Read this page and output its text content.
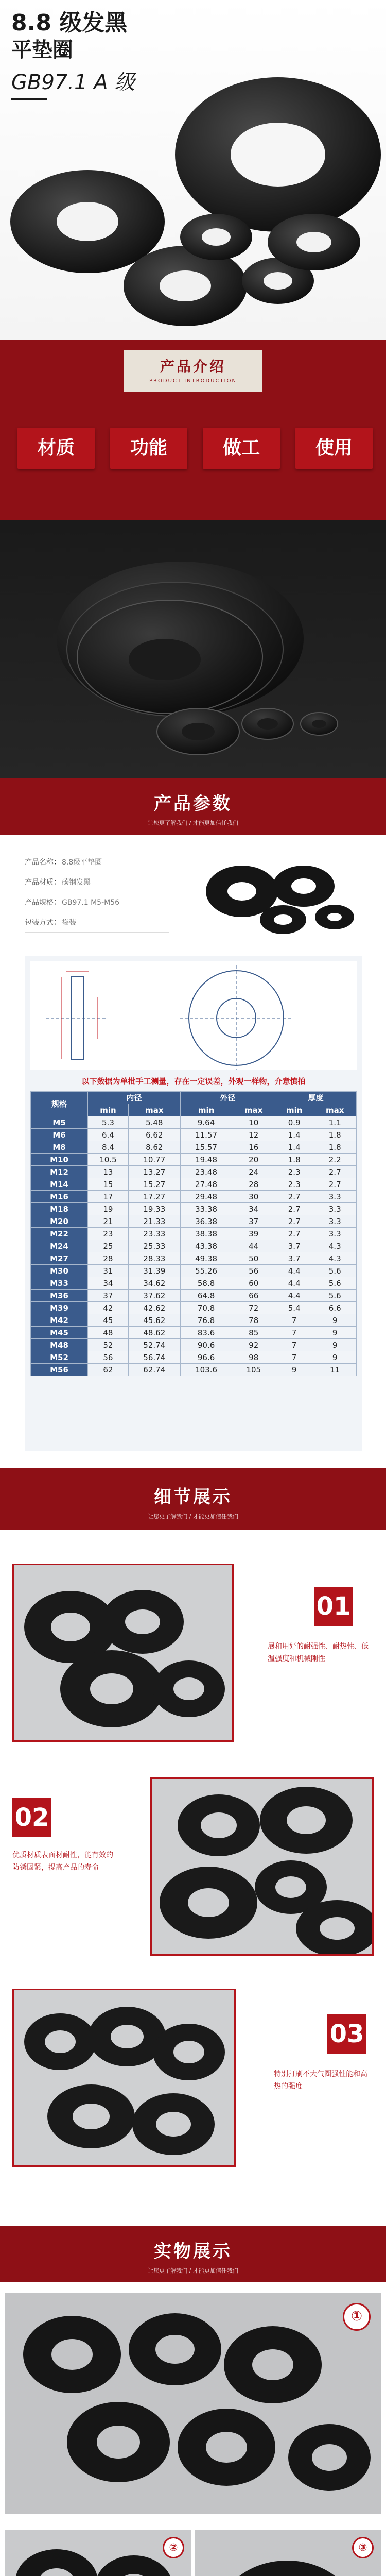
8.8 级发黑
平垫圈
GB97.1 A 级
产品介绍
PRODUCT INTRODUCTION
材质	功能	做工	使用
产品参数
让您更了解我们 / 才能更加信任我们
产品名称：8.8级平垫圈
产品材质：碳钢发黑
产品规格：GB97.1 M5-M56
包装方式：袋装
以下数据为单批手工测量，存在一定误差，外观一样物，介意慎拍
规格	内径		外径		厚度	
	min	max	min	max	min	max
M5	5.3	5.48	9.64	10	0.9	1.1
M6	6.4	6.62	11.57	12	1.4	1.8
M8	8.4	8.62	15.57	16	1.4	1.8
M10	10.5	10.77	19.48	20	1.8	2.2
M12	13	13.27	23.48	24	2.3	2.7
M14	15	15.27	27.48	28	2.3	2.7
M16	17	17.27	29.48	30	2.7	3.3
M18	19	19.33	33.38	34	2.7	3.3
M20	21	21.33	36.38	37	2.7	3.3
M22	23	23.33	38.38	39	2.7	3.3
M24	25	25.33	43.38	44	3.7	4.3
M27	28	28.33	49.38	50	3.7	4.3
M30	31	31.39	55.26	56	4.4	5.6
M33	34	34.62	58.8	60	4.4	5.6
M36	37	37.62	64.8	66	4.4	5.6
M39	42	42.62	70.8	72	5.4	6.6
M42	45	45.62	76.8	78	7	9
M45	48	48.62	83.6	85	7	9
M48	52	52.74	90.6	92	7	9
M52	56	56.74	96.6	98	7	9
M56	62	62.74	103.6	105	9	11
细节展示
让您更了解我们 / 才能更加信任我们
01
展和用好的耐强性、耐热性、低温强度和机械刚性
02
优质材质表面材耐性，能有效的防锈固紧，提高产品的寿命
03
特别打刷不大气圈强性能和高热的强度
实物展示
让您更了解我们 / 才能更加信任我们
①
②	③
